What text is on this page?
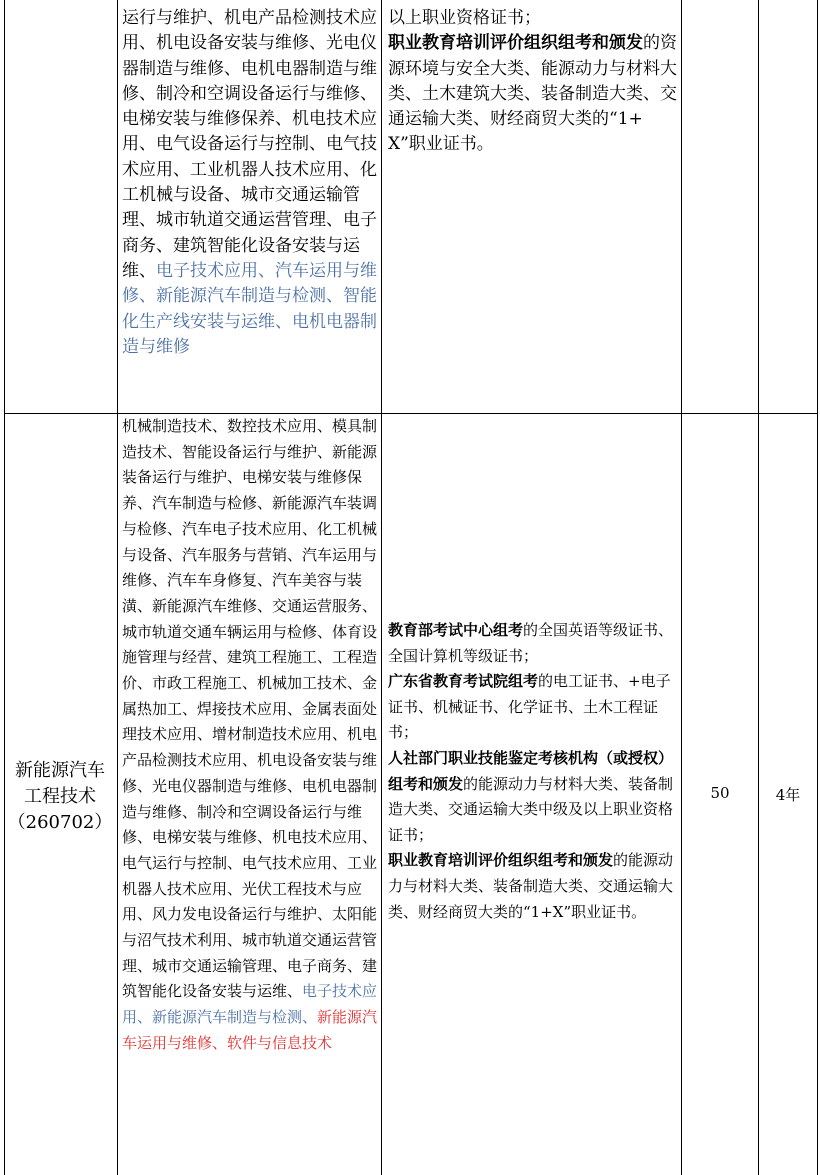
运行与维护、机电产品检测技术应用、机电设备安装与维修、光电仪器制造与维修、电机电器制造与维修、制冷和空调设备运行与维修、电梯安装与维修保养、机电技术应用、电气设备运行与控制、电气技术应用、工业机器人技术应用、化工机械与设备、城市交通运输管理、城市轨道交通运营管理、电子商务、建筑智能化设备安装与运维、电子技术应用、汽车运用与维修、新能源汽车制造与检测、智能化生产线安装与运维、电机电器制造与维修

以上职业资格证书；

职业教育培训评价组织组考和颁发的资源环境与安全大类、能源动力与材料大类、土木建筑大类、装备制造大类、交通运输大类、财经商贸大类的“1+X”职业证书。

新能源汽车
工程技术
（260702）

机械制造技术、数控技术应用、模具制造技术、智能设备运行与维护、新能源装备运行与维护、电梯安装与维修保养、汽车制造与检修、新能源汽车装调与检修、汽车电子技术应用、化工机械与设备、汽车服务与营销、汽车运用与维修、汽车车身修复、汽车美容与装潢、新能源汽车维修、交通运营服务、城市轨道交通车辆运用与检修、体育设施管理与经营、建筑工程施工、工程造价、市政工程施工、机械加工技术、金属热加工、焊接技术应用、金属表面处理技术应用、增材制造技术应用、机电产品检测技术应用、机电设备安装与维修、光电仪器制造与维修、电机电器制造与维修、制冷和空调设备运行与维修、电梯安装与维修、机电技术应用、电气运行与控制、电气技术应用、工业机器人技术应用、光伏工程技术与应用、风力发电设备运行与维护、太阳能与沼气技术利用、城市轨道交通运营管理、城市交通运输管理、电子商务、建筑智能化设备安装与运维、电子技术应用、新能源汽车制造与检测、新能源汽车运用与维修、软件与信息技术

教育部考试中心组考的全国英语等级证书、全国计算机等级证书；

广东省教育考试院组考的电工证书、+电子证书、机械证书、化学证书、土木工程证书；

人社部门职业技能鉴定考核机构（或授权）组考和颁发的能源动力与材料大类、装备制造大类、交通运输大类中级及以上职业资格证书；

职业教育培训评价组织组考和颁发的能源动力与材料大类、装备制造大类、交通运输大类、财经商贸大类的“1+X”职业证书。

50	4年
